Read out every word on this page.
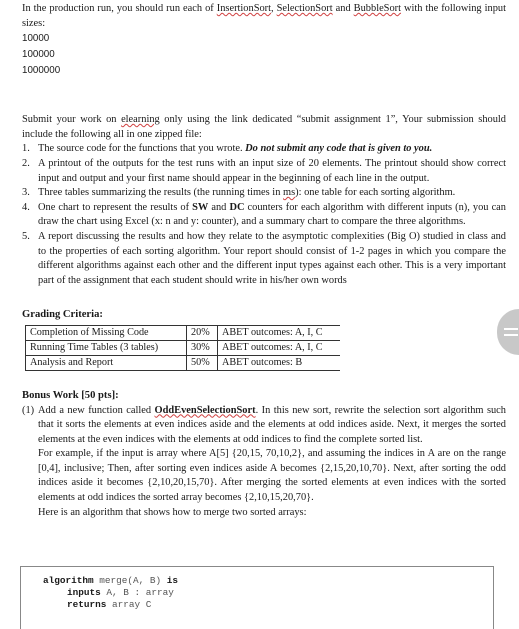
In the production run, you should run each of InsertionSort, SelectionSort and BubbleSort with the following input sizes:

10000
100000
1000000

Submit your work on elearning only using the link dedicated “submit assignment 1”, Your submission should include the following all in one zipped file:

1. The source code for the functions that you wrote. Do not submit any code that is given to you.
2. A printout of the outputs for the test runs with an input size of 20 elements. The printout should show correct input and output and your first name should appear in the beginning of each line in the output.
3. Three tables summarizing the results (the running times in ms): one table for each sorting algorithm.
4. One chart to represent the results of SW and DC counters for each algorithm with different inputs (n), you can draw the chart using Excel (x: n and y: counter), and a summary chart to compare the three algorithms.
5. A report discussing the results and how they relate to the asymptotic complexities (Big O) studied in class and to the properties of each sorting algorithm. Your report should consist of 1-2 pages in which you compare the different algorithms against each other and the different input types against each other. This is a very important part of the assignment that each student should write in his/her own words
Grading Criteria:
Completion of Missing Code	20%	ABET outcomes: A, I, C
Running Time Tables (3 tables)	30%	ABET outcomes: A, I, C
Analysis and Report	50%	ABET outcomes: B
Bonus Work [50 pts]:
(1) Add a new function called OddEvenSelectionSort. In this new sort, rewrite the selection sort algorithm such that it sorts the elements at even indices aside and the elements at odd indices aside. Next, it merges the sorted elements at the even indices with the elements at odd indices to find the complete sorted list.

For example, if the input is array where A[5] {20,15, 70,10,2}, and assuming the indices in A are on the range [0,4], inclusive; Then, after sorting even indices aside A becomes {2,15,20,10,70}. Next, after sorting the odd indices aside it becomes {2,10,20,15,70}. After merging the sorted elements at even indices with the sorted elements at odd indices the sorted array becomes {2,10,15,20,70}.

Here is an algorithm that shows how to merge two sorted arrays:

algorithm merge(A, B) is
inputs A, B : array
returns array C
